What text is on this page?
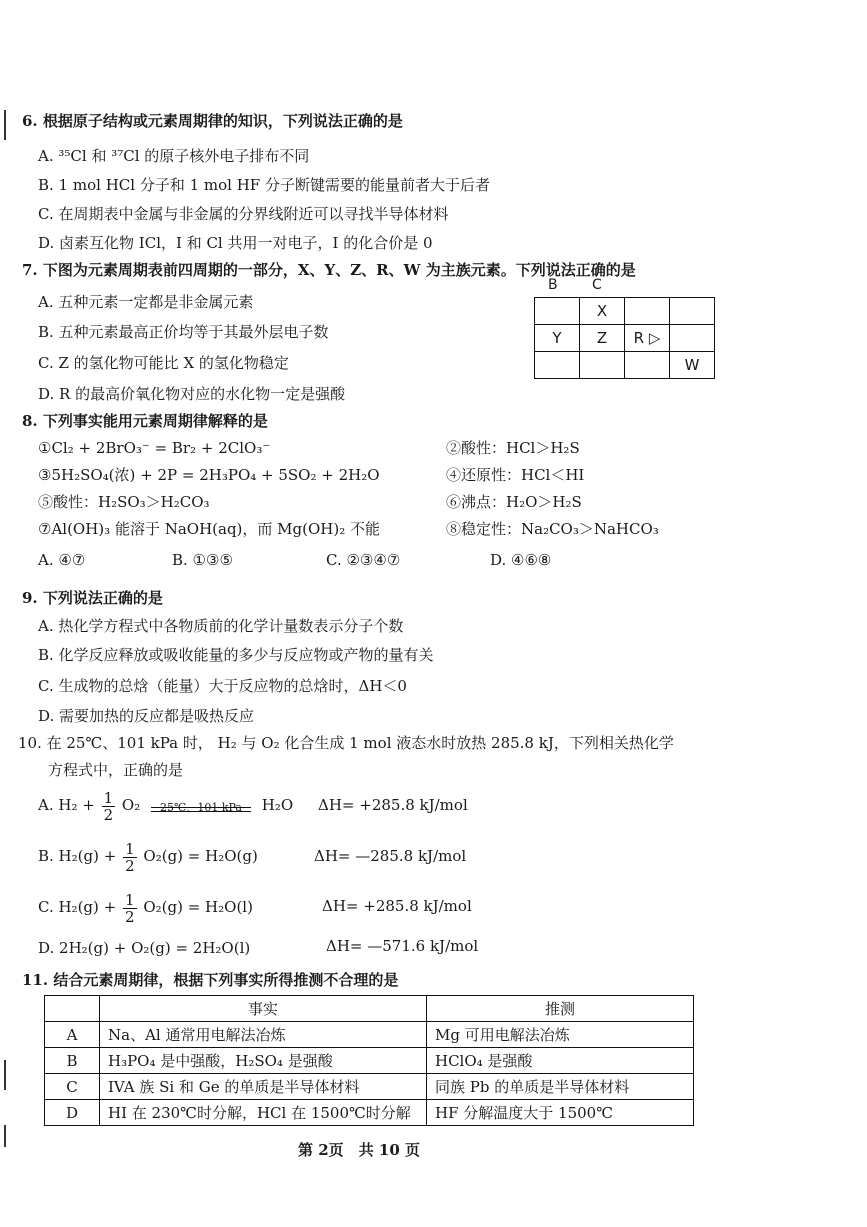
6. 根据原子结构或元素周期律的知识，下列说法正确的是
A. ³⁵Cl 和 ³⁷Cl 的原子核外电子排布不同
B. 1 mol HCl 分子和 1 mol HF 分子断键需要的能量前者大于后者
C. 在周期表中金属与非金属的分界线附近可以寻找半导体材料
D. 卤素互化物 ICl，I 和 Cl 共用一对电子，I 的化合价是 0
7. 下图为元素周期表前四周期的一部分，X、Y、Z、R、W 为主族元素。下列说法正确的是
A. 五种元素一定都是非金属元素
B. 五种元素最高正价均等于其最外层电子数
C. Z 的氢化物可能比 X 的氢化物稳定
D. R 的最高价氧化物对应的水化物一定是强酸
B C
	X		
Y	Z	R ▷	
			W
8. 下列事实能用元素周期律解释的是
①Cl₂ + 2BrO₃⁻ = Br₂ + 2ClO₃⁻	②酸性：HCl＞H₂S
③5H₂SO₄(浓) + 2P = 2H₃PO₄ + 5SO₂ + 2H₂O	④还原性：HCl＜HI
⑤酸性：H₂SO₃＞H₂CO₃	⑥沸点：H₂O＞H₂S
⑦Al(OH)₃ 能溶于 NaOH(aq)，而 Mg(OH)₂ 不能	⑧稳定性：Na₂CO₃＞NaHCO₃
A. ④⑦	B. ①③⑤	C. ②③④⑦	D. ④⑥⑧
9. 下列说法正确的是
A. 热化学方程式中各物质前的化学计量数表示分子个数
B. 化学反应释放或吸收能量的多少与反应物或产物的量有关
C. 生成物的总焓（能量）大于反应物的总焓时，ΔH＜0
D. 需要加热的反应都是吸热反应
10. 在 25℃、101 kPa 时， H₂ 与 O₂ 化合生成 1 mol 液态水时放热 285.8 kJ，下列相关热化学
方程式中，正确的是
A. $H_2 + \frac{1}{2} O_2$	25℃、101 kPa	H₂O ΔH= +285.8 kJ/mol
B. $H_2(g) + \frac{1}{2} O_2(g) = H_2O(g)$	ΔH= —285.8 kJ/mol
C. $H_2(g) + \frac{1}{2} O_2(g) = H_2O(l)$	ΔH= +285.8 kJ/mol
D. 2H₂(g) + O₂(g) = 2H₂O(l)	ΔH= —571.6 kJ/mol
11. 结合元素周期律，根据下列事实所得推测不合理的是
	事实	推测
A	Na、Al 通常用电解法冶炼	Mg 可用电解法冶炼
B	H₃PO₄ 是中强酸，H₂SO₄ 是强酸	HClO₄ 是强酸
C	IVA 族 Si 和 Ge 的单质是半导体材料	同族 Pb 的单质是半导体材料
D	HI 在 230℃时分解，HCl 在 1500℃时分解	HF 分解温度大于 1500℃
第 2页　共 10 页
